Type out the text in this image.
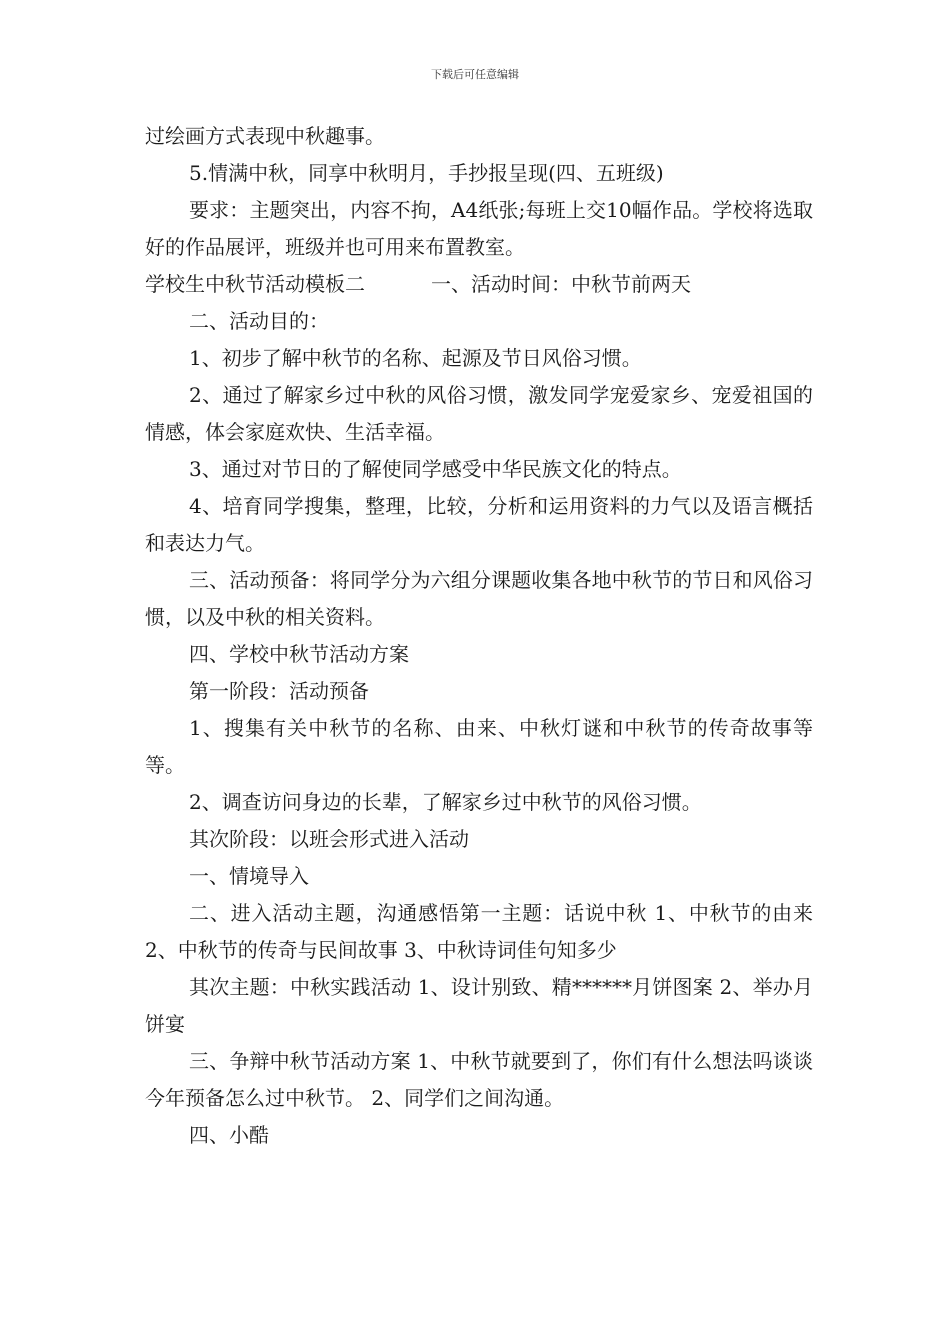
下载后可任意编辑

过绘画方式表现中秋趣事。

5.情满中秋，同享中秋明月，手抄报呈现(四、五班级)

要求：主题突出，内容不拘，A4纸张;每班上交10幅作品。学校将选取好的作品展评，班级并也可用来布置教室。

学校生中秋节活动模板二	一、活动时间：中秋节前两天

二、活动目的：

1、初步了解中秋节的名称、起源及节日风俗习惯。

2、通过了解家乡过中秋的风俗习惯，激发同学宠爱家乡、宠爱祖国的情感，体会家庭欢快、生活幸福。

3、通过对节日的了解使同学感受中华民族文化的特点。

4、培育同学搜集，整理，比较，分析和运用资料的力气以及语言概括和表达力气。

三、活动预备：将同学分为六组分课题收集各地中秋节的节日和风俗习惯，以及中秋的相关资料。

四、学校中秋节活动方案

第一阶段：活动预备

1、搜集有关中秋节的名称、由来、中秋灯谜和中秋节的传奇故事等等。

2、调查访问身边的长辈，了解家乡过中秋节的风俗习惯。

其次阶段：以班会形式进入活动

一、情境导入

二、进入活动主题，沟通感悟第一主题：话说中秋 1、中秋节的由来 2、中秋节的传奇与民间故事 3、中秋诗词佳句知多少

其次主题：中秋实践活动 1、设计别致、精******月饼图案 2、举办月饼宴

三、争辩中秋节活动方案 1、中秋节就要到了，你们有什么想法吗谈谈今年预备怎么过中秋节。 2、同学们之间沟通。

四、小酷
